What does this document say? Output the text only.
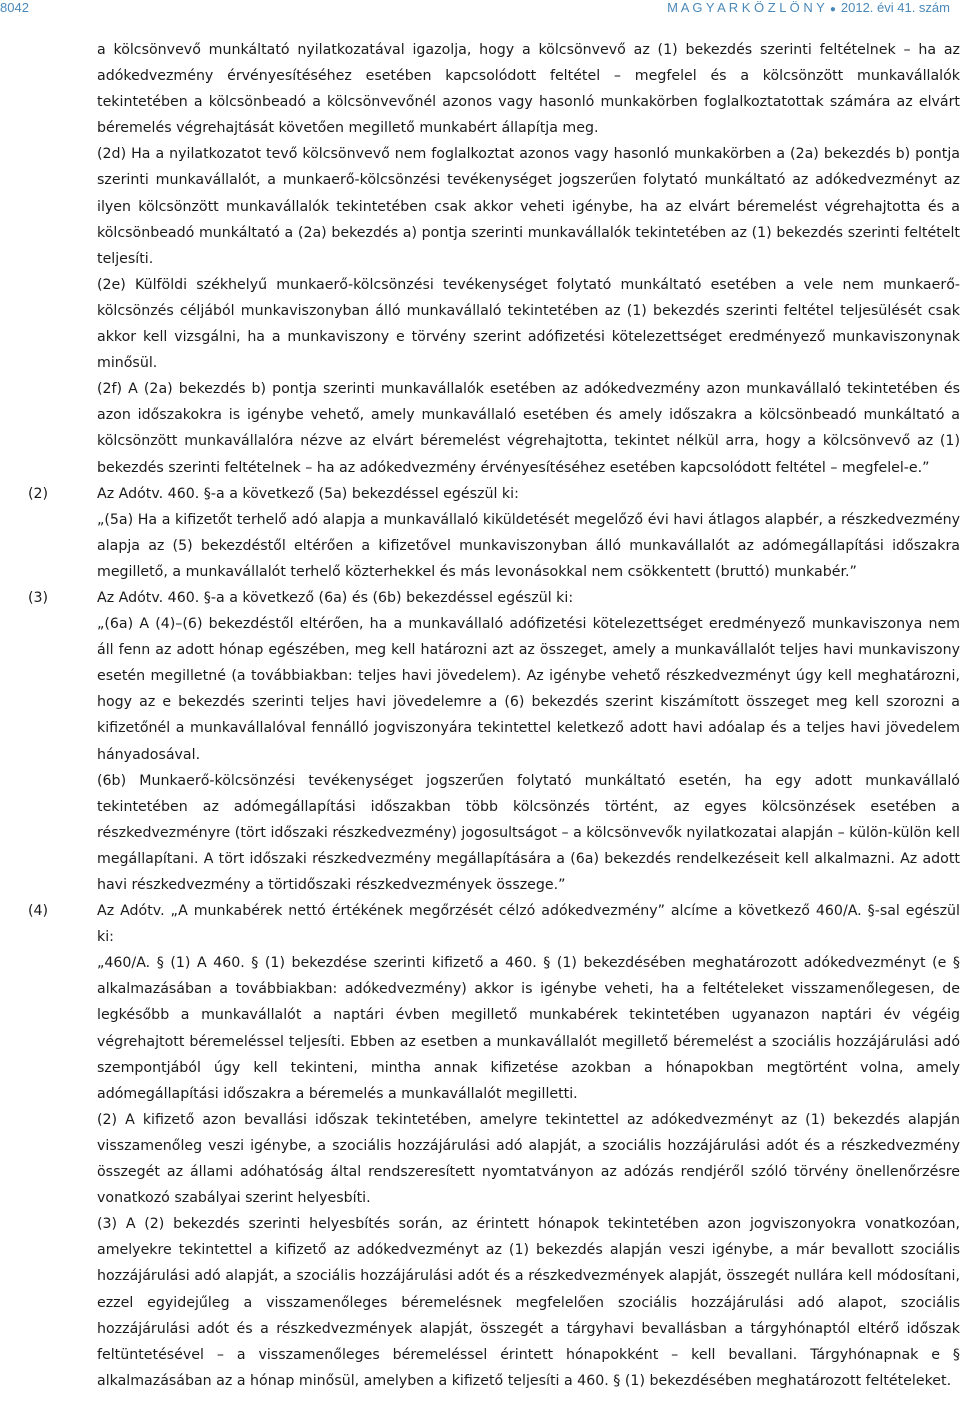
8042	M A G Y A R K Ö Z L Ö N Y ● 2012. évi 41. szám

a kölcsönvevő munkáltató nyilatkozatával igazolja, hogy a kölcsönvevő az (1) bekezdés szerinti feltételnek – ha az adókedvezmény érvényesítéséhez esetében kapcsolódott feltétel – megfelel és a kölcsönzött munkavállalók tekintetében a kölcsönbeadó a kölcsönvevőnél azonos vagy hasonló munkakörben foglalkoztatottak számára az elvárt béremelés végrehajtását követően megillető munkabért állapítja meg.

(2d) Ha a nyilatkozatot tevő kölcsönvevő nem foglalkoztat azonos vagy hasonló munkakörben a (2a) bekezdés b) pontja szerinti munkavállalót, a munkaerő-kölcsönzési tevékenységet jogszerűen folytató munkáltató az adókedvezményt az ilyen kölcsönzött munkavállalók tekintetében csak akkor veheti igénybe, ha az elvárt béremelést végrehajtotta és a kölcsönbeadó munkáltató a (2a) bekezdés a) pontja szerinti munkavállalók tekintetében az (1) bekezdés szerinti feltételt teljesíti.

(2e) Külföldi székhelyű munkaerő-kölcsönzési tevékenységet folytató munkáltató esetében a vele nem munkaerő-kölcsönzés céljából munkaviszonyban álló munkavállaló tekintetében az (1) bekezdés szerinti feltétel teljesülését csak akkor kell vizsgálni, ha a munkaviszony e törvény szerint adófizetési kötelezettséget eredményező munkaviszonynak minősül.

(2f) A (2a) bekezdés b) pontja szerinti munkavállalók esetében az adókedvezmény azon munkavállaló tekintetében és azon időszakokra is igénybe vehető, amely munkavállaló esetében és amely időszakra a kölcsönbeadó munkáltató a kölcsönzött munkavállalóra nézve az elvárt béremelést végrehajtotta, tekintet nélkül arra, hogy a kölcsönvevő az (1) bekezdés szerinti feltételnek – ha az adókedvezmény érvényesítéséhez esetében kapcsolódott feltétel – megfelel-e.”

(2)	Az Adótv. 460. §-a a következő (5a) bekezdéssel egészül ki:

„(5a) Ha a kifizetőt terhelő adó alapja a munkavállaló kiküldetését megelőző évi havi átlagos alapbér, a részkedvezmény alapja az (5) bekezdéstől eltérően a kifizetővel munkaviszonyban álló munkavállalót az adómegállapítási időszakra megillető, a munkavállalót terhelő közterhekkel és más levonásokkal nem csökkentett (bruttó) munkabér.”

(3)	Az Adótv. 460. §-a a következő (6a) és (6b) bekezdéssel egészül ki:

„(6a) A (4)–(6) bekezdéstől eltérően, ha a munkavállaló adófizetési kötelezettséget eredményező munkaviszonya nem áll fenn az adott hónap egészében, meg kell határozni azt az összeget, amely a munkavállalót teljes havi munkaviszony esetén megilletné (a továbbiakban: teljes havi jövedelem). Az igénybe vehető részkedvezményt úgy kell meghatározni, hogy az e bekezdés szerinti teljes havi jövedelemre a (6) bekezdés szerint kiszámított összeget meg kell szorozni a kifizetőnél a munkavállalóval fennálló jogviszonyára tekintettel keletkező adott havi adóalap és a teljes havi jövedelem hányadosával.

(6b) Munkaerő-kölcsönzési tevékenységet jogszerűen folytató munkáltató esetén, ha egy adott munkavállaló tekintetében az adómegállapítási időszakban több kölcsönzés történt, az egyes kölcsönzések esetében a részkedvezményre (tört időszaki részkedvezmény) jogosultságot – a kölcsönvevők nyilatkozatai alapján – külön-külön kell megállapítani. A tört időszaki részkedvezmény megállapítására a (6a) bekezdés rendelkezéseit kell alkalmazni. Az adott havi részkedvezmény a törtidőszaki részkedvezmények összege.”

(4)	Az Adótv. „A munkabérek nettó értékének megőrzését célzó adókedvezmény” alcíme a következő 460/A. §-sal egészül ki:

„460/A. § (1) A 460. § (1) bekezdése szerinti kifizető a 460. § (1) bekezdésében meghatározott adókedvezményt (e § alkalmazásában a továbbiakban: adókedvezmény) akkor is igénybe veheti, ha a feltételeket visszamenőlegesen, de legkésőbb a munkavállalót a naptári évben megillető munkabérek tekintetében ugyanazon naptári év végéig végrehajtott béremeléssel teljesíti. Ebben az esetben a munkavállalót megillető béremelést a szociális hozzájárulási adó szempontjából úgy kell tekinteni, mintha annak kifizetése azokban a hónapokban megtörtént volna, amely adómegállapítási időszakra a béremelés a munkavállalót megilletti.

(2) A kifizető azon bevallási időszak tekintetében, amelyre tekintettel az adókedvezményt az (1) bekezdés alapján visszamenőleg veszi igénybe, a szociális hozzájárulási adó alapját, a szociális hozzájárulási adót és a részkedvezmény összegét az állami adóhatóság által rendszeresített nyomtatványon az adózás rendjéről szóló törvény önellenőrzésre vonatkozó szabályai szerint helyesbíti.

(3) A (2) bekezdés szerinti helyesbítés során, az érintett hónapok tekintetében azon jogviszonyokra vonatkozóan, amelyekre tekintettel a kifizető az adókedvezményt az (1) bekezdés alapján veszi igénybe, a már bevallott szociális hozzájárulási adó alapját, a szociális hozzájárulási adót és a részkedvezmények alapját, összegét nullára kell módosítani, ezzel egyidejűleg a visszamenőleges béremelésnek megfelelően szociális hozzájárulási adó alapot, szociális hozzájárulási adót és a részkedvezmények alapját, összegét a tárgyhavi bevallásban a tárgyhónaptól eltérő időszak feltüntetésével – a visszamenőleges béremeléssel érintett hónapokként – kell bevallani. Tárgyhónapnak e § alkalmazásában az a hónap minősül, amelyben a kifizető teljesíti a 460. § (1) bekezdésében meghatározott feltételeket.
